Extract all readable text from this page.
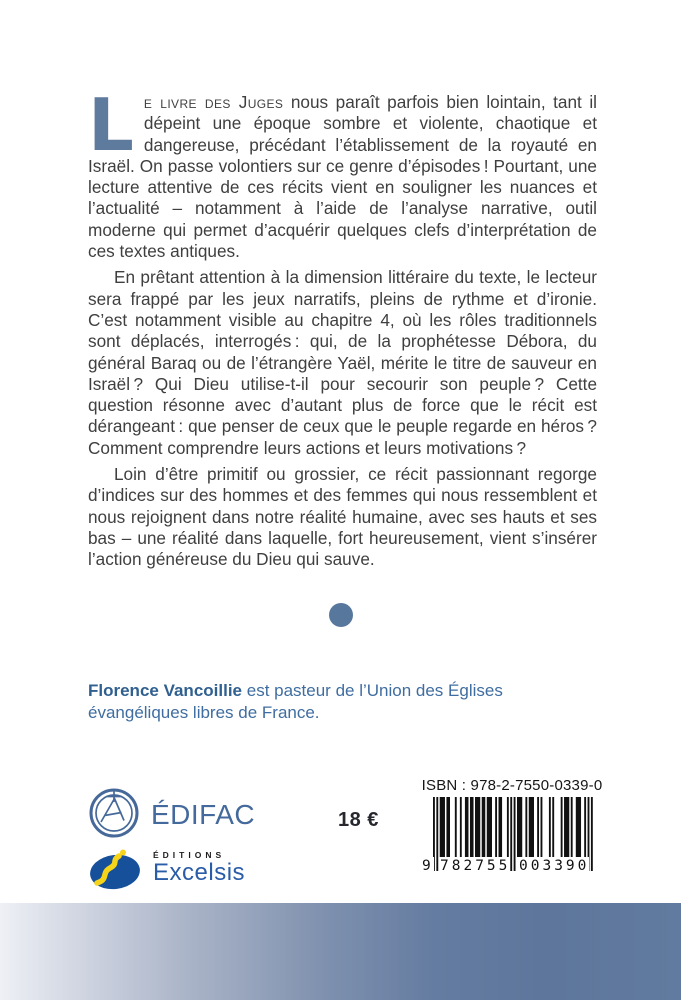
Le livre des Juges nous paraît parfois bien lointain, tant il dépeint une époque sombre et violente, chaotique et dangereuse, précédant l’établissement de la royauté en Israël. On passe volontiers sur ce genre d’épisodes ! Pourtant, une lecture attentive de ces récits vient en souligner les nuances et l’actualité – notamment à l’aide de l’analyse narrative, outil moderne qui permet d’acquérir quelques clefs d’interprétation de ces textes antiques.

En prêtant attention à la dimension littéraire du texte, le lecteur sera frappé par les jeux narratifs, pleins de rythme et d’ironie. C’est notamment visible au chapitre 4, où les rôles traditionnels sont déplacés, interrogés : qui, de la prophétesse Débora, du général Baraq ou de l’étrangère Yaël, mérite le titre de sauveur en Israël ? Qui Dieu utilise-t-il pour secourir son peuple ? Cette question résonne avec d’autant plus de force que le récit est dérangeant : que penser de ceux que le peuple regarde en héros ? Comment comprendre leurs actions et leurs motivations ?

Loin d’être primitif ou grossier, ce récit passionnant regorge d’indices sur des hommes et des femmes qui nous ressemblent et nous rejoignent dans notre réalité humaine, avec ses hauts et ses bas – une réalité dans laquelle, fort heureusement, vient s’insérer l’action généreuse du Dieu qui sauve.

Florence Vancoillie est pasteur de l’Union des Églises évangéliques libres de France.

ÉDIFAC	18 €
ISBN : 978-2-7550-0339-0
9 782755 003390
ÉDITIONS
Excelsis
